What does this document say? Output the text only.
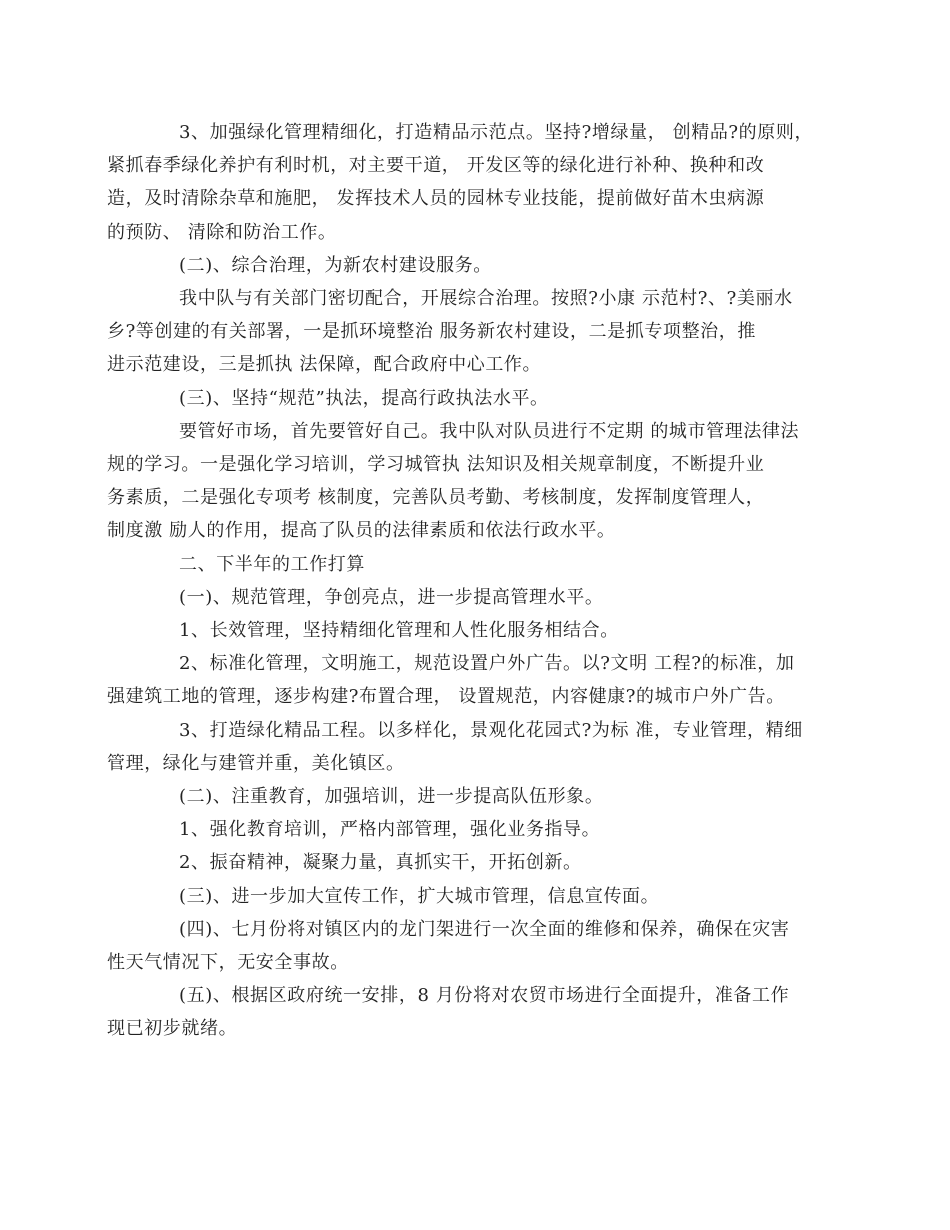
3、加强绿化管理精细化，打造精品示范点。坚持?增绿量， 创精品?的原则，
紧抓春季绿化养护有利时机，对主要干道， 开发区等的绿化进行补种、换种和改
造，及时清除杂草和施肥， 发挥技术人员的园林专业技能，提前做好苗木虫病源
的预防、 清除和防治工作。

(二)、综合治理，为新农村建设服务。

我中队与有关部门密切配合，开展综合治理。按照?小康 示范村?、?美丽水
乡?等创建的有关部署，一是抓环境整治 服务新农村建设，二是抓专项整治，推
进示范建设，三是抓执 法保障，配合政府中心工作。

(三)、坚持“规范”执法，提高行政执法水平。

要管好市场，首先要管好自己。我中队对队员进行不定期 的城市管理法律法
规的学习。一是强化学习培训，学习城管执 法知识及相关规章制度，不断提升业
务素质，二是强化专项考 核制度，完善队员考勤、考核制度，发挥制度管理人，
制度激 励人的作用，提高了队员的法律素质和依法行政水平。

二、下半年的工作打算

(一)、规范管理，争创亮点，进一步提高管理水平。

1、长效管理，坚持精细化管理和人性化服务相结合。

2、标准化管理，文明施工，规范设置户外广告。以?文明 工程?的标准，加
强建筑工地的管理，逐步构建?布置合理， 设置规范，内容健康?的城市户外广告。

3、打造绿化精品工程。以多样化，景观化花园式?为标 准，专业管理，精细
管理，绿化与建管并重，美化镇区。

(二)、注重教育，加强培训，进一步提高队伍形象。

1、强化教育培训，严格内部管理，强化业务指导。

2、振奋精神，凝聚力量，真抓实干，开拓创新。

(三)、进一步加大宣传工作，扩大城市管理，信息宣传面。

(四)、七月份将对镇区内的龙门架进行一次全面的维修和保养，确保在灾害
性天气情况下，无安全事故。

(五)、根据区政府统一安排，8 月份将对农贸市场进行全面提升，准备工作
现已初步就绪。
